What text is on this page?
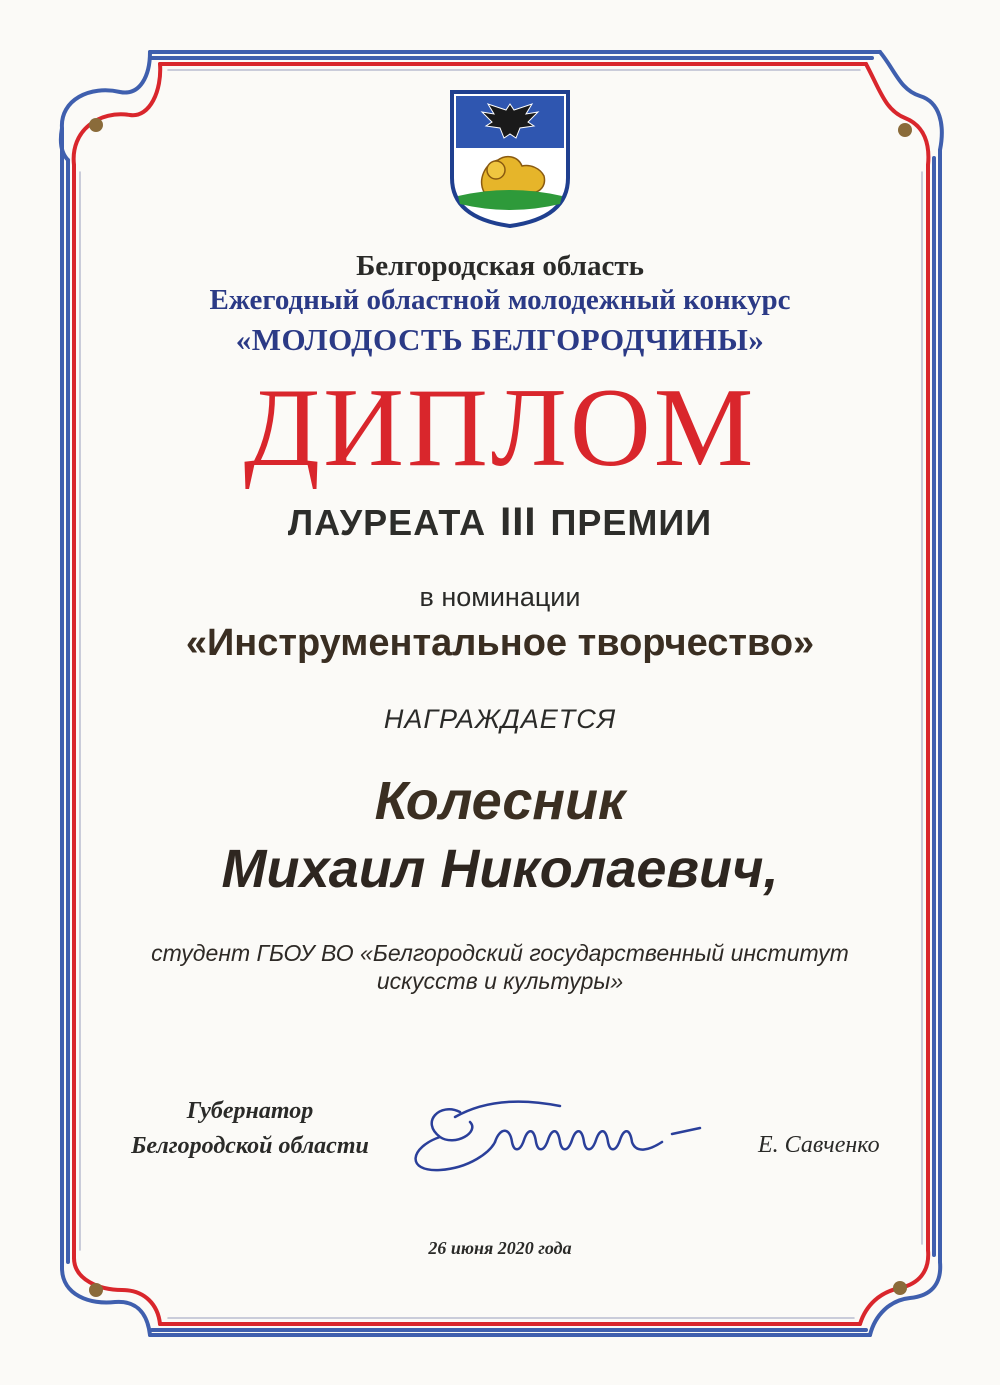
Белгородская область
Ежегодный областной молодежный конкурс
«МОЛОДОСТЬ БЕЛГОРОДЧИНЫ»
ДИПЛОМ
ЛАУРЕАТА III ПРЕМИИ
в номинации
«Инструментальное творчество»
НАГРАЖДАЕТСЯ
Колесник
Михаил Николаевич,
студент ГБОУ ВО «Белгородский государственный институт
искусств и культуры»
Губернатор
Белгородской области	Е. Савченко
26 июня 2020 года
